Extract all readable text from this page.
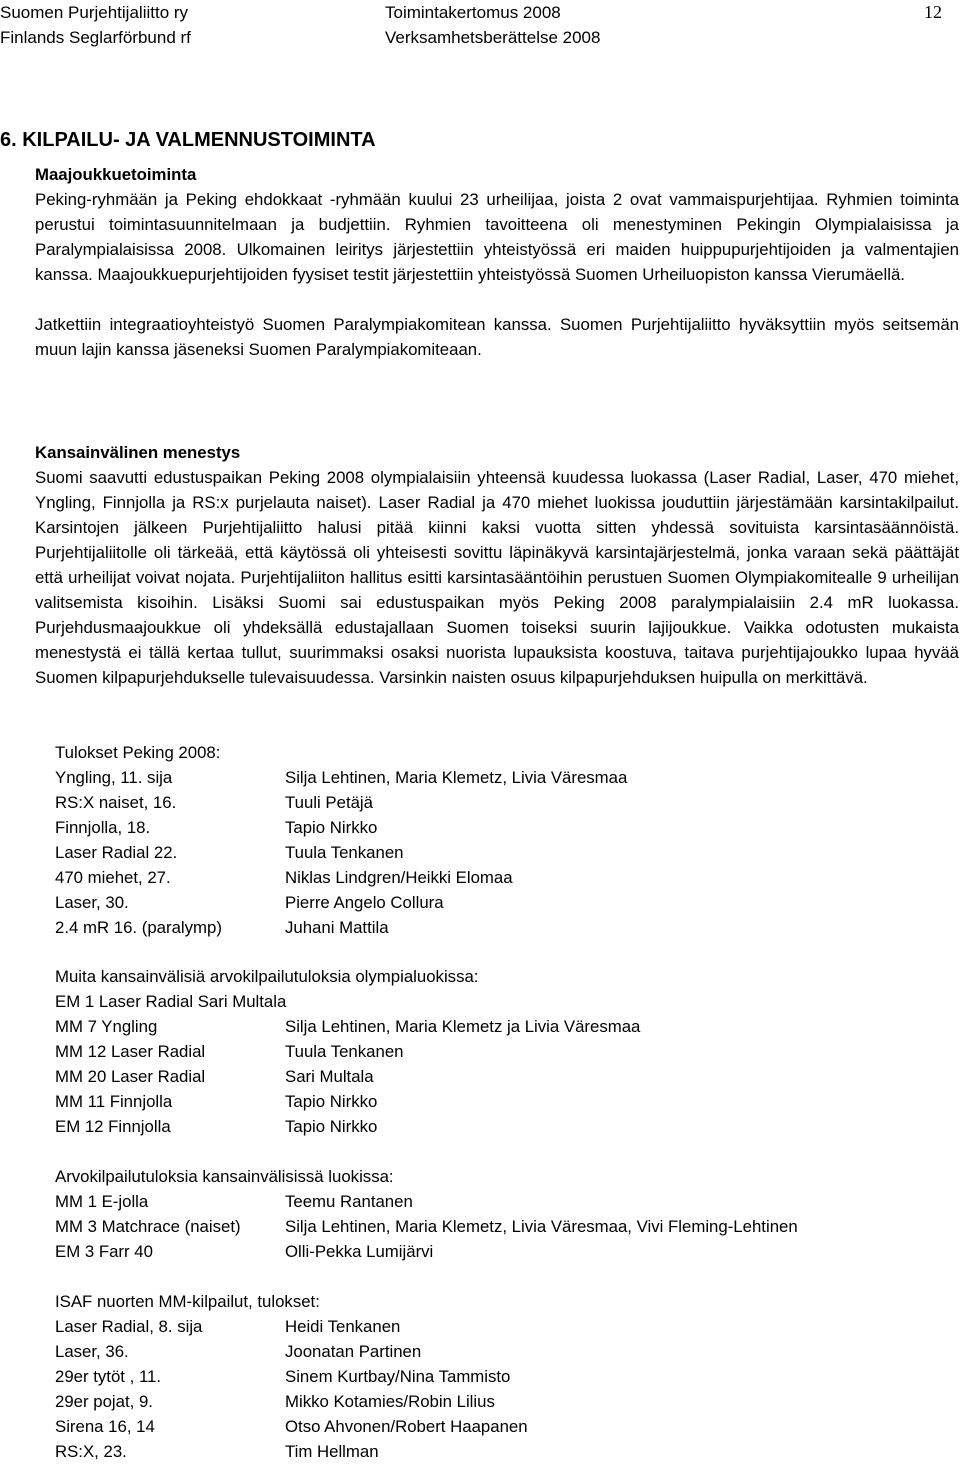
Suomen Purjehtijaliitto ry
Finlands Seglarförbund rf
Toimintakertomus 2008
Verksamhetsberättelse 2008
12
6. KILPAILU- JA VALMENNUSTOIMINTA
Maajoukkuetoiminta
Peking-ryhmään ja Peking ehdokkaat -ryhmään kuului 23 urheilijaa, joista 2 ovat vammaispurjehtijaa. Ryhmien toiminta perustui toimintasuunnitelmaan ja budjettiin. Ryhmien tavoitteena oli menestyminen Pekingin Olympialaisissa ja Paralympialaisissa 2008. Ulkomainen leiritys järjestettiin yhteistyössä eri maiden huippupurjehtijoiden ja valmentajien kanssa. Maajoukkuepurjehtijoiden fyysiset testit järjestettiin yhteistyössä Suomen Urheiluopiston kanssa Vierumäellä.
Jatkettiin integraatioyhteistyö Suomen Paralympiakomitean kanssa. Suomen Purjehtijaliitto hyväksyttiin myös seitsemän muun lajin kanssa jäseneksi Suomen Paralympiakomiteaan.
Kansainvälinen menestys
Suomi saavutti edustuspaikan Peking 2008 olympialaisiin yhteensä kuudessa luokassa (Laser Radial, Laser, 470 miehet, Yngling, Finnjolla ja RS:x purjelauta naiset). Laser Radial ja 470 miehet luokissa jouduttiin järjestämään karsintakilpailut. Karsintojen jälkeen Purjehtijaliitto halusi pitää kiinni kaksi vuotta sitten yhdessä sovituista karsintasäännöistä. Purjehtijaliitolle oli tärkeää, että käytössä oli yhteisesti sovittu läpinäkyvä karsintajärjestelmä, jonka varaan sekä päättäjät että urheilijat voivat nojata. Purjehtijaliiton hallitus esitti karsintasääntöihin perustuen Suomen Olympiakomitealle 9 urheilijan valitsemista kisoihin. Lisäksi Suomi sai edustuspaikan myös Peking 2008 paralympialaisiin 2.4 mR luokassa. Purjehdusmaajoukkue oli yhdeksällä edustajallaan Suomen toiseksi suurin lajijoukkue. Vaikka odotusten mukaista menestystä ei tällä kertaa tullut, suurimmaksi osaksi nuorista lupauksista koostuva, taitava purjehtijajoukko lupaa hyvää Suomen kilpapurjehdukselle tulevaisuudessa. Varsinkin naisten osuus kilpapurjehduksen huipulla on merkittävä.
Tulokset Peking 2008:
Yngling, 11. sija	Silja Lehtinen, Maria Klemetz, Livia Väresmaa
RS:X naiset, 16.	Tuuli Petäjä
Finnjolla, 18.	Tapio Nirkko
Laser Radial 22.	Tuula Tenkanen
470 miehet, 27.	Niklas Lindgren/Heikki Elomaa
Laser, 30.	Pierre Angelo Collura
2.4 mR 16. (paralymp)	Juhani Mattila
Muita kansainvälisiä arvokilpailutuloksia olympialuokissa:
EM 1 Laser Radial Sari Multala
MM 7 Yngling	Silja Lehtinen, Maria Klemetz ja Livia Väresmaa
MM 12 Laser Radial	Tuula Tenkanen
MM 20 Laser Radial	Sari Multala
MM 11 Finnjolla	Tapio Nirkko
EM 12 Finnjolla	Tapio Nirkko
Arvokilpailutuloksia kansainvälisissä luokissa:
MM 1 E-jolla	Teemu Rantanen
MM 3 Matchrace (naiset)	Silja Lehtinen, Maria Klemetz, Livia Väresmaa, Vivi Fleming-Lehtinen
EM 3 Farr 40	Olli-Pekka Lumijärvi
ISAF nuorten MM-kilpailut, tulokset:
Laser Radial, 8. sija	Heidi Tenkanen
Laser, 36.	Joonatan Partinen
29er tytöt , 11.	Sinem Kurtbay/Nina Tammisto
29er pojat, 9.	Mikko Kotamies/Robin Lilius
Sirena 16, 14	Otso Ahvonen/Robert Haapanen
RS:X, 23.	Tim Hellman
